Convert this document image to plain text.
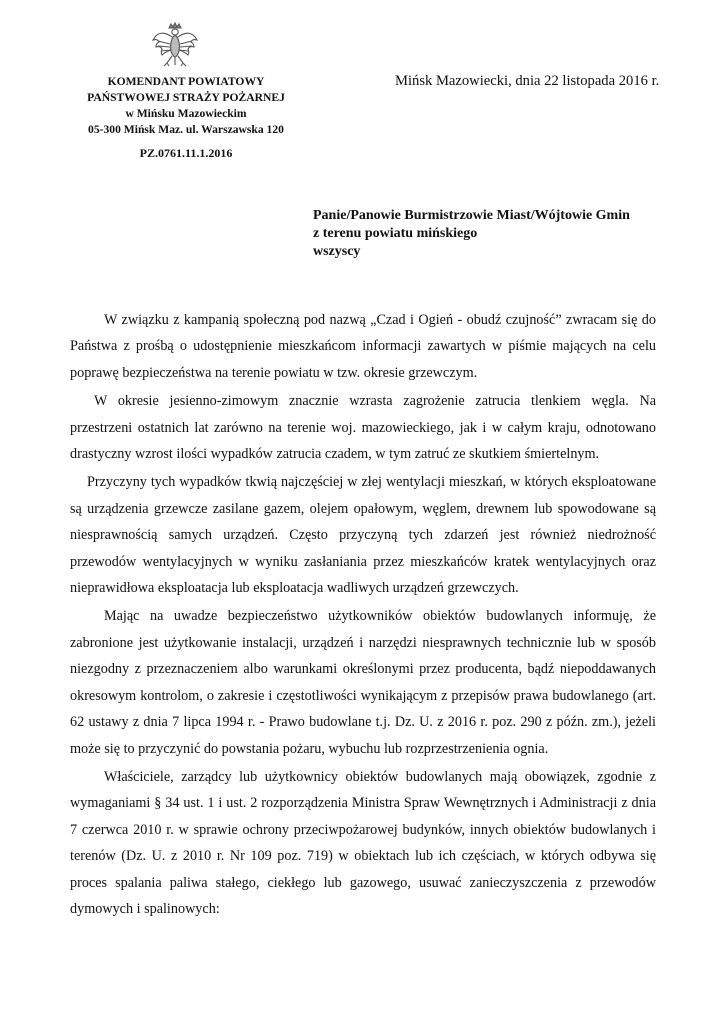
KOMENDANT POWIATOWY
PAŃSTWOWEJ STRAŻY POŻARNEJ
w Mińsku Mazowieckim
05-300 Mińsk Maz. ul. Warszawska 120
PZ.0761.11.1.2016
Mińsk Mazowiecki, dnia 22 listopada 2016 r.
Panie/Panowie Burmistrzowie Miast/Wójtowie Gmin
z terenu powiatu mińskiego
wszyscy

W związku z kampanią społeczną pod nazwą „Czad i Ogień - obudź czujność” zwracam się do Państwa z prośbą o udostępnienie mieszkańcom informacji zawartych w piśmie mających na celu poprawę bezpieczeństwa na terenie powiatu w tzw. okresie grzewczym.

W okresie jesienno-zimowym znacznie wzrasta zagrożenie zatrucia tlenkiem węgla. Na przestrzeni ostatnich lat zarówno na terenie woj. mazowieckiego, jak i w całym kraju, odnotowano drastyczny wzrost ilości wypadków zatrucia czadem, w tym zatruć ze skutkiem śmiertelnym.

Przyczyny tych wypadków tkwią najczęściej w złej wentylacji mieszkań, w których eksploatowane są urządzenia grzewcze zasilane gazem, olejem opałowym, węglem, drewnem lub spowodowane są niesprawnością samych urządzeń. Często przyczyną tych zdarzeń jest również niedrożność przewodów wentylacyjnych w wyniku zasłaniania przez mieszkańców kratek wentylacyjnych oraz nieprawidłowa eksploatacja lub eksploatacja wadliwych urządzeń grzewczych.

Mając na uwadze bezpieczeństwo użytkowników obiektów budowlanych informuję, że zabronione jest użytkowanie instalacji, urządzeń i narzędzi niesprawnych technicznie lub w sposób niezgodny z przeznaczeniem albo warunkami określonymi przez producenta, bądź niepoddawanych okresowym kontrolom, o zakresie i częstotliwości wynikającym z przepisów prawa budowlanego (art. 62 ustawy z dnia 7 lipca 1994 r. - Prawo budowlane t.j. Dz. U. z 2016 r. poz. 290 z późn. zm.), jeżeli może się to przyczynić do powstania pożaru, wybuchu lub rozprzestrzenienia ognia.

Właściciele, zarządcy lub użytkownicy obiektów budowlanych mają obowiązek, zgodnie z wymaganiami § 34 ust. 1 i ust. 2 rozporządzenia Ministra Spraw Wewnętrznych i Administracji z dnia 7 czerwca 2010 r. w sprawie ochrony przeciwpożarowej budynków, innych obiektów budowlanych i terenów (Dz. U. z 2010 r. Nr 109 poz. 719) w obiektach lub ich częściach, w których odbywa się proces spalania paliwa stałego, ciekłego lub gazowego, usuwać zanieczyszczenia z przewodów dymowych i spalinowych:
